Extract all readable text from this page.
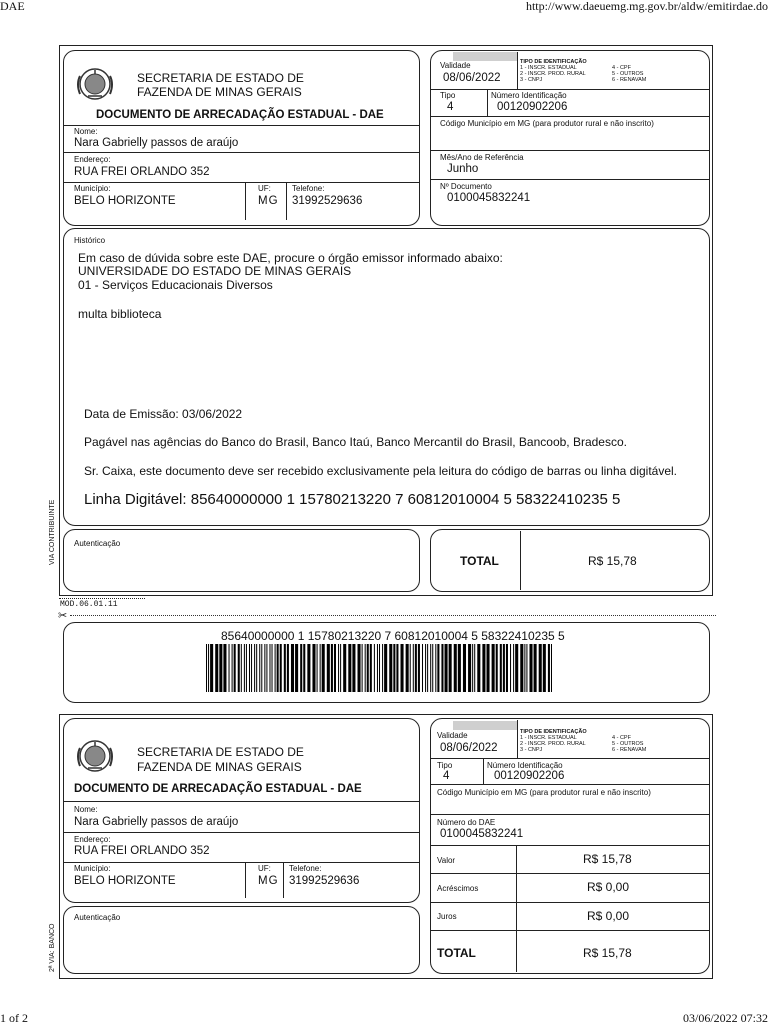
DAE	http://www.daeuemg.mg.gov.br/aldw/emitirdae.do
1 of 2	03/06/2022 07:32
SECRETARIA DE ESTADO DE
FAZENDA DE MINAS GERAIS
DOCUMENTO DE ARRECADAÇÃO ESTADUAL - DAE
Nome:
Nara Gabrielly passos de araújo
Endereço:
RUA FREI ORLANDO 352
Município:
BELO HORIZONTE
UF:
MG
Telefone:
31992529636
Validade
08/06/2022
TIPO DE IDENTIFICAÇÃO
1 - INSCR. ESTADUAL
2 - INSCR. PROD. RURAL
3 - CNPJ
4 - CPF
5 - OUTROS
6 - RENAVAM
Tipo
4
Número Identificação
00120902206
Código Município em MG (para produtor rural e não inscrito)
Mês/Ano de Referência
Junho
Nº Documento
0100045832241
Histórico
Em caso de dúvida sobre este DAE, procure o órgão emissor informado abaixo:
UNIVERSIDADE DO ESTADO DE MINAS GERAIS
01 - Serviços Educacionais Diversos
multa biblioteca
Data de Emissão: 03/06/2022
Pagável nas agências do Banco do Brasil, Banco Itaú, Banco Mercantil do Brasil, Bancoob, Bradesco.
Sr. Caixa, este documento deve ser recebido exclusivamente pela leitura do código de barras ou linha digitável.
Linha Digitável: 85640000000 1 15780213220 7 60812010004 5 58322410235 5
Autenticação
TOTAL	R$ 15,78
VIA CONTRIBUINTE
MOD.06.01.11
✂
85640000000 1 15780213220 7 60812010004 5 58322410235 5
SECRETARIA DE ESTADO DE
FAZENDA DE MINAS GERAIS
DOCUMENTO DE ARRECADAÇÃO ESTADUAL - DAE
Nome:
Nara Gabrielly passos de araújo
Endereço:
RUA FREI ORLANDO 352
Município:
BELO HORIZONTE
UF:
MG
Telefone:
31992529636
Autenticação
Validade
08/06/2022
TIPO DE IDENTIFICAÇÃO
1 - INSCR. ESTADUAL
2 - INSCR. PROD. RURAL
3 - CNPJ
4 - CPF
5 - OUTROS
6 - RENAVAM
Tipo
4
Número Identificação
00120902206
Código Município em MG (para produtor rural e não inscrito)
Número do DAE
0100045832241
Valor	R$ 15,78
Acréscimos	R$ 0,00
Juros	R$ 0,00
TOTAL	R$ 15,78
2ª VIA: BANCO
